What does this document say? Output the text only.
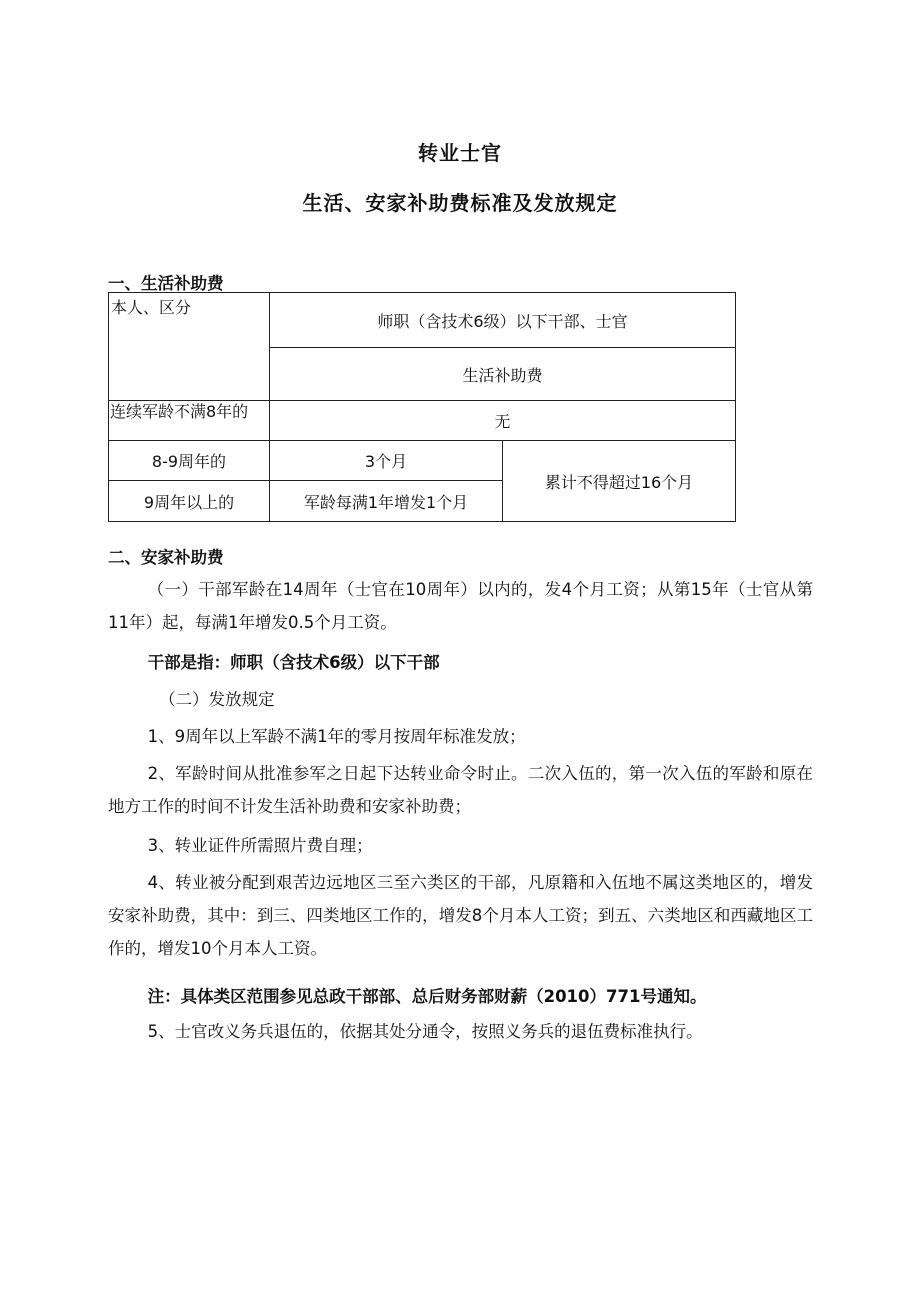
转业士官
生活、安家补助费标准及发放规定
一、生活补助费
本人、区分	师职（含技术6级）以下干部、士官	
	生活补助费	
连续军龄不满8年的	无	
8-9周年的	3个月	累计不得超过16个月
9周年以上的	军龄每满1年增发1个月	
二、安家补助费
（一）干部军龄在14周年（士官在10周年）以内的，发4个月工资；从第15年（士官从第11年）起，每满1年增发0.5个月工资。
干部是指：师职（含技术6级）以下干部
（二）发放规定
1、9周年以上军龄不满1年的零月按周年标准发放；
2、军龄时间从批准参军之日起下达转业命令时止。二次入伍的，第一次入伍的军龄和原在地方工作的时间不计发生活补助费和安家补助费；
3、转业证件所需照片费自理；
4、转业被分配到艰苦边远地区三至六类区的干部，凡原籍和入伍地不属这类地区的，增发安家补助费，其中：到三、四类地区工作的，增发8个月本人工资；到五、六类地区和西藏地区工作的，增发10个月本人工资。
注：具体类区范围参见总政干部部、总后财务部财薪（2010）771号通知。
5、士官改义务兵退伍的，依据其处分通令，按照义务兵的退伍费标准执行。
